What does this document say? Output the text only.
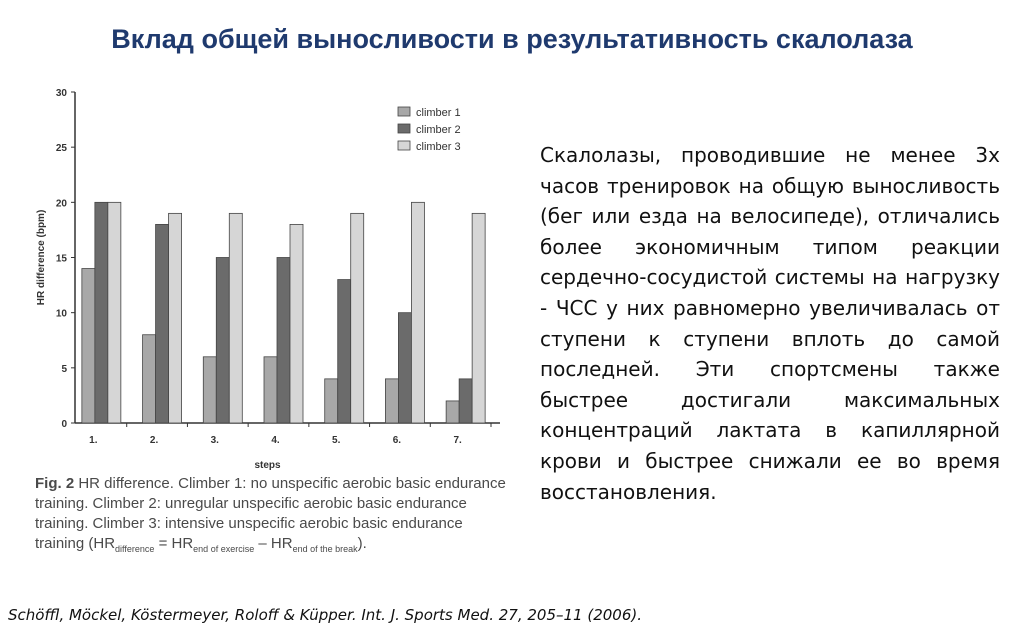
Вклад общей выносливости в результативность скалолаза
0
5
10
15
20
25
30
HR difference (bpm)
1.	2.	3.	4.	5.	6.	7.
steps
climber 1
climber 2
climber 3
Fig. 2 HR difference. Climber 1: no unspecific aerobic basic endurance training. Climber 2: unregular unspecific aerobic basic endurance training. Climber 3: intensive unspecific aerobic basic endurance training $(HR_{difference} = HR_{end of exercise} - HR_{end of the break})$.
Скалолазы, проводившие не менее 3х часов тренировок на общую выносливость (бег или езда на велосипеде), отличались более экономичным типом реакции сердечно-сосудистой системы на нагрузку - ЧСС у них равномерно увеличивалась от ступени к ступени вплоть до самой последней. Эти спортсмены также быстрее достигали максимальных концентраций лактата в капиллярной крови и быстрее снижали ее во время восстановления.
Schöffl, Möckel, Köstermeyer, Roloff & Küpper. Int. J. Sports Med. 27, 205–11 (2006).
